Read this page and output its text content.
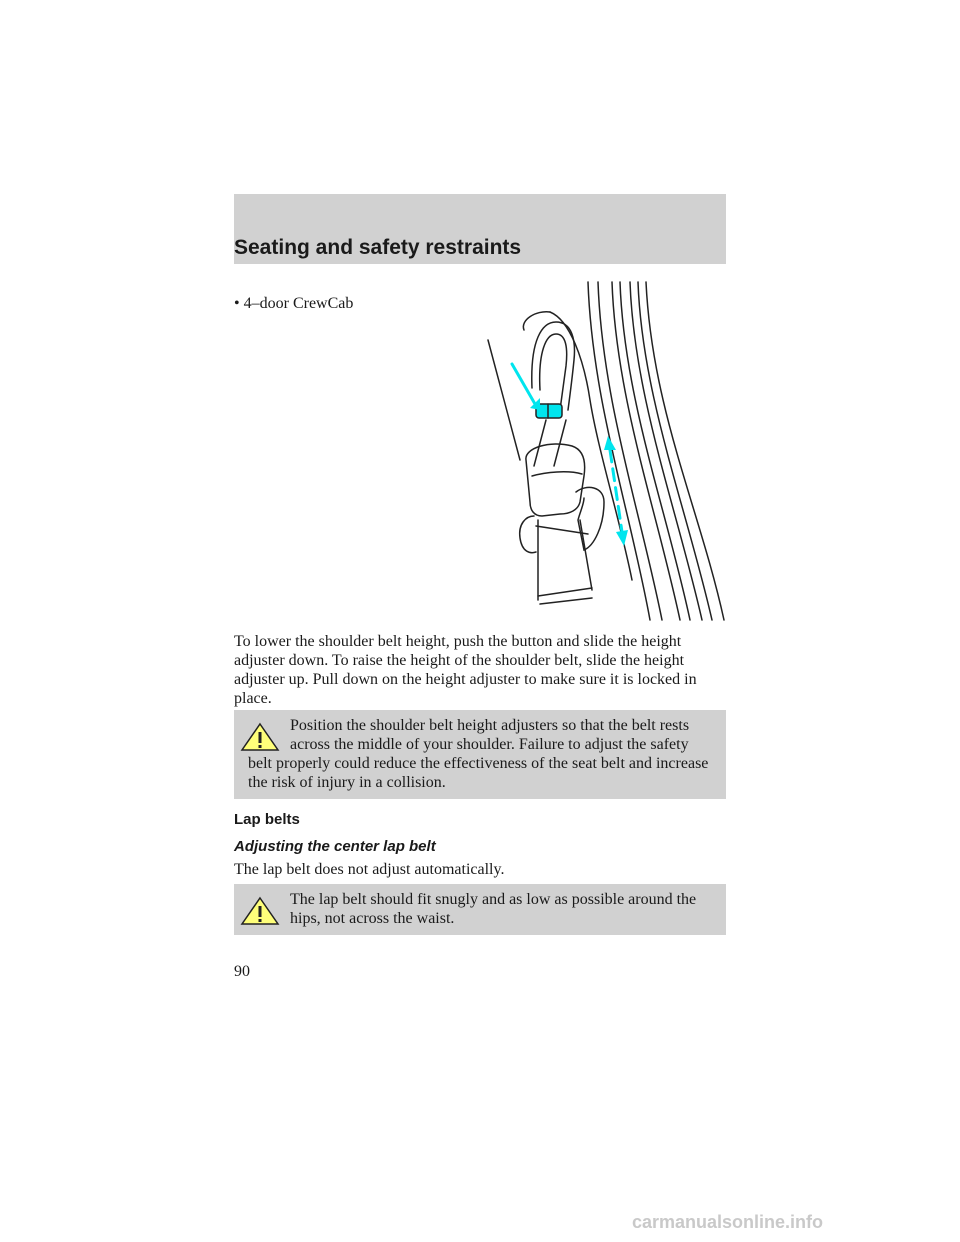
Seating and safety restraints
• 4–door CrewCab

To lower the shoulder belt height, push the button and slide the height adjuster down. To raise the height of the shoulder belt, slide the height adjuster up. Pull down on the height adjuster to make sure it is locked in place.

Position the shoulder belt height adjusters so that the belt rests across the middle of your shoulder. Failure to adjust the safety belt properly could reduce the effectiveness of the seat belt and increase the risk of injury in a collision.
Lap belts
Adjusting the center lap belt
The lap belt does not adjust automatically.
The lap belt should fit snugly and as low as possible around the hips, not across the waist.
90
carmanualsonline.info
